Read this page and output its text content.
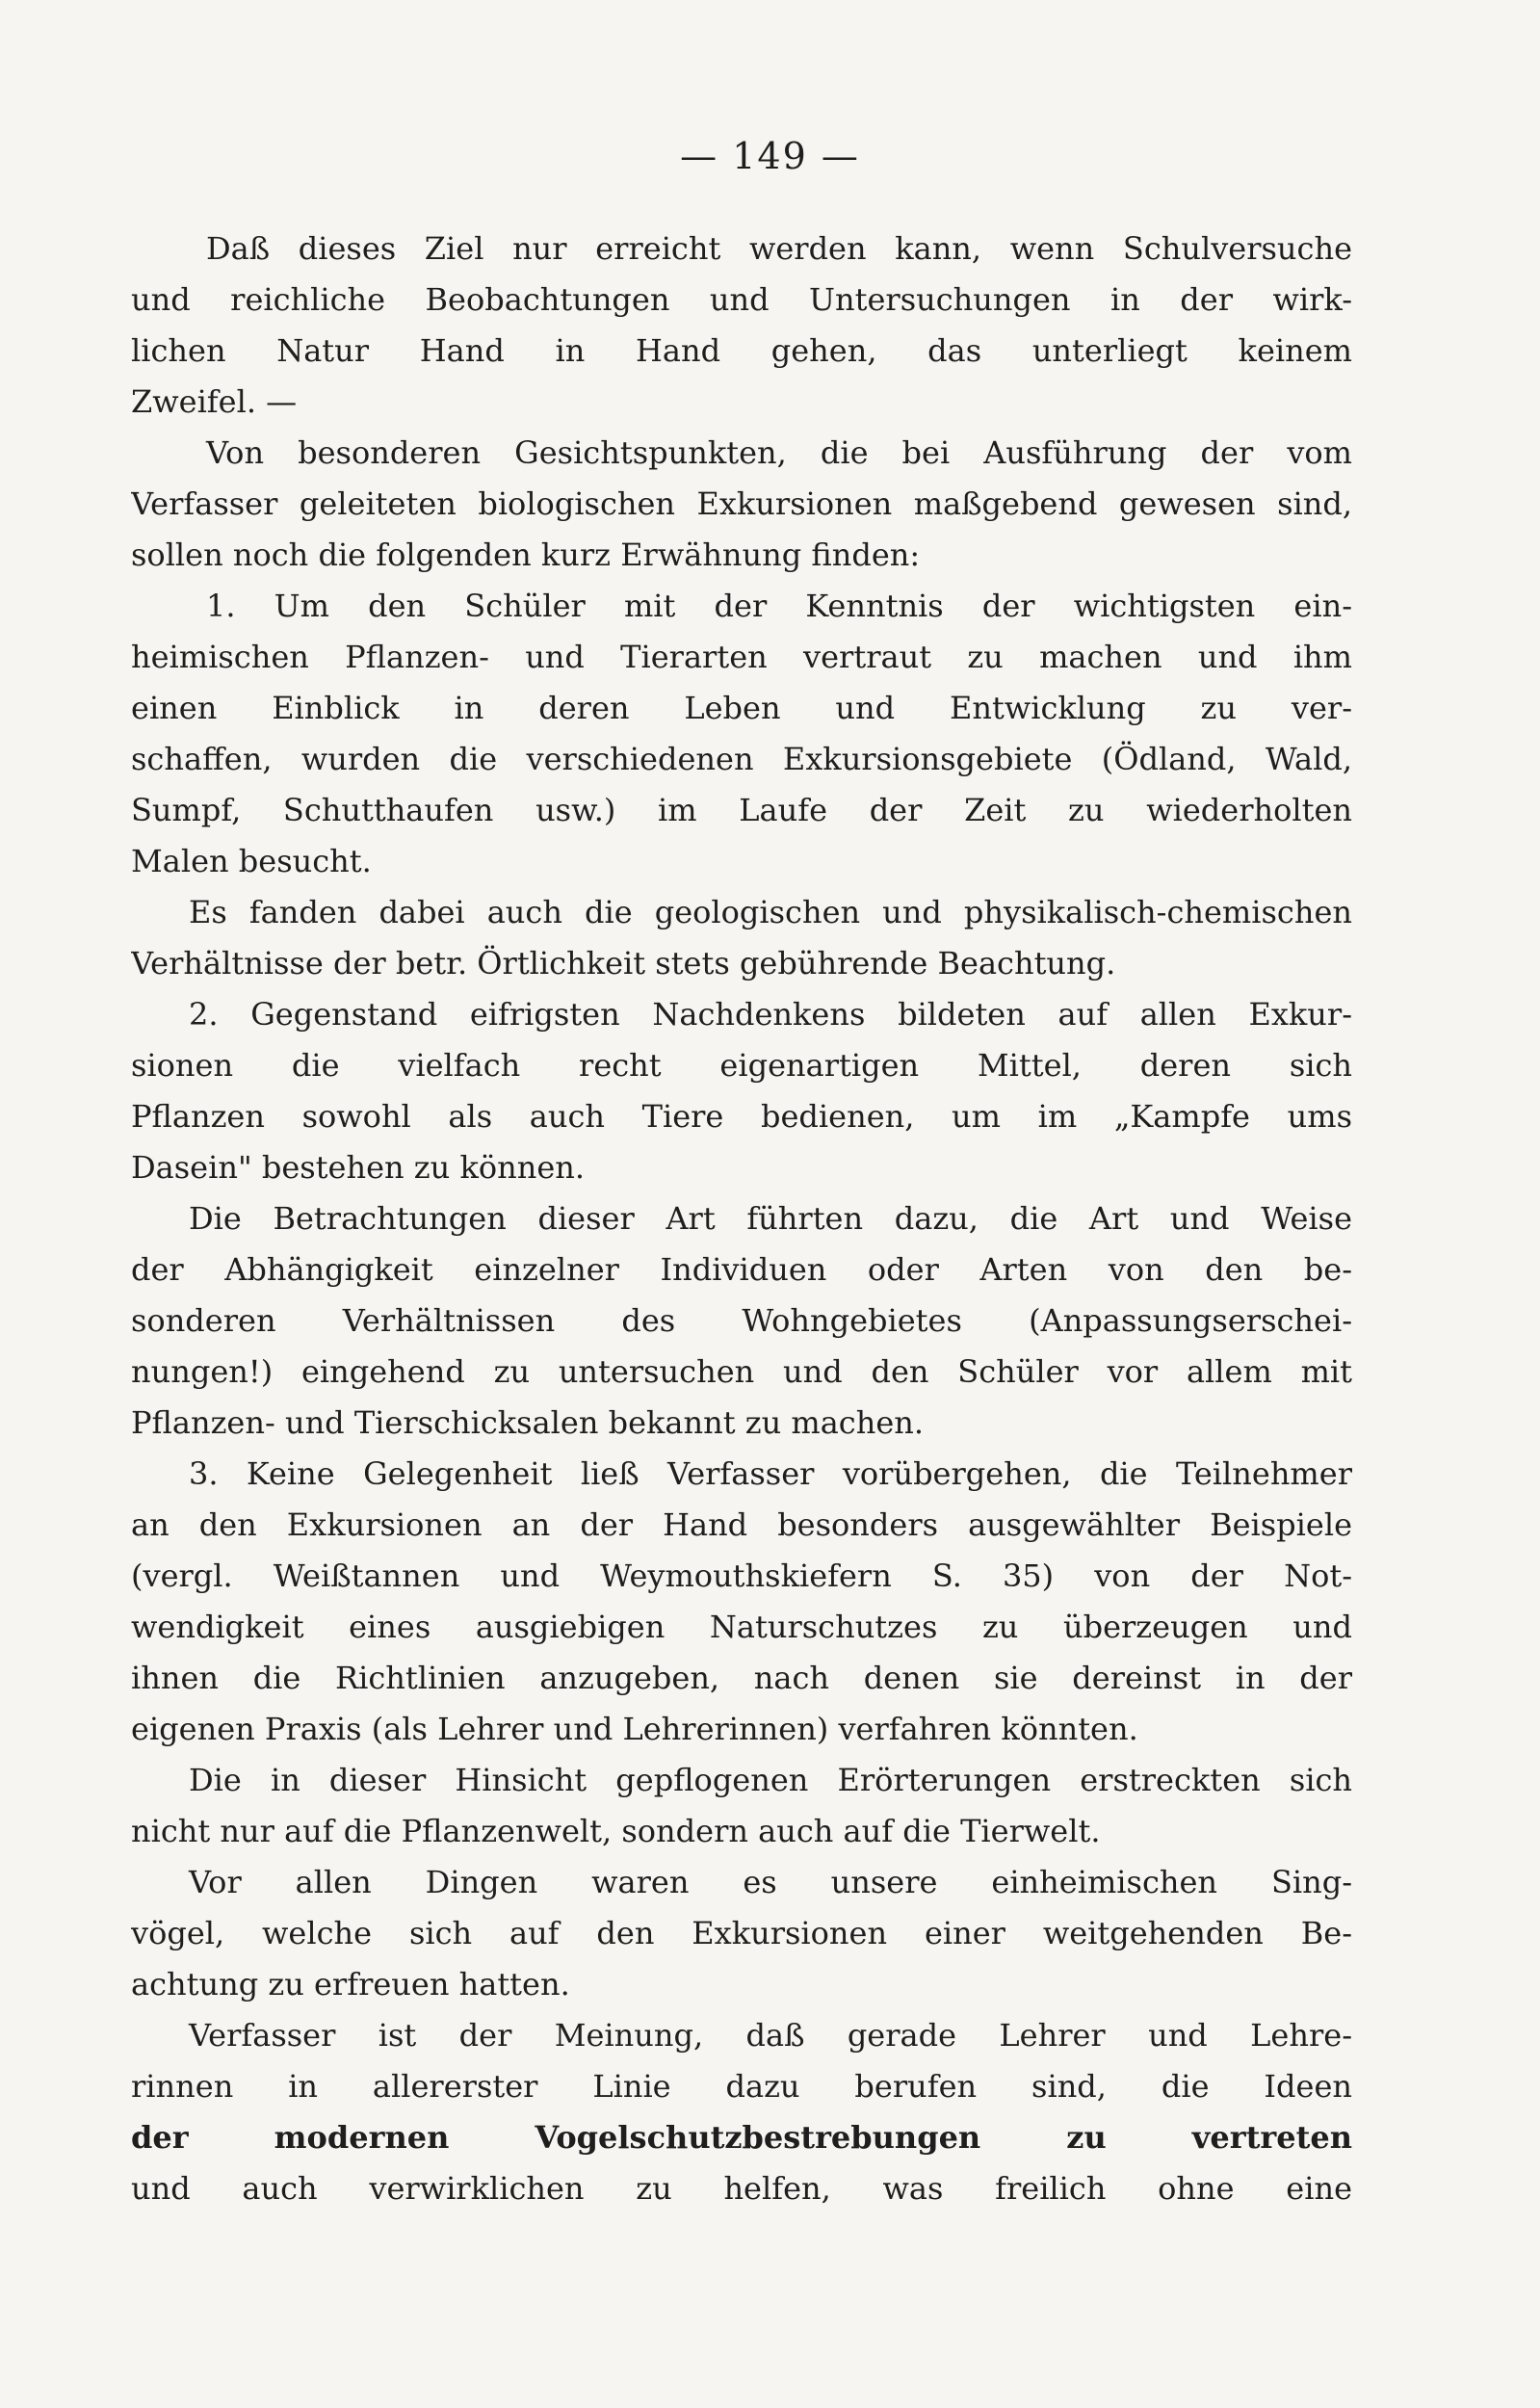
— 149 —
Daß dieses Ziel nur erreicht werden kann, wenn Schulversuche
und reichliche Beobachtungen und Untersuchungen in der wirk-
lichen Natur Hand in Hand gehen, das unterliegt keinem
Zweifel. —
Von besonderen Gesichtspunkten, die bei Ausführung der vom
Verfasser geleiteten biologischen Exkursionen maßgebend gewesen sind,
sollen noch die folgenden kurz Erwähnung finden:
1. Um den Schüler mit der Kenntnis der wichtigsten ein-
heimischen Pflanzen- und Tierarten vertraut zu machen und ihm
einen Einblick in deren Leben und Entwicklung zu ver-
schaffen, wurden die verschiedenen Exkursionsgebiete (Ödland, Wald,
Sumpf, Schutthaufen usw.) im Laufe der Zeit zu wiederholten
Malen besucht.
Es fanden dabei auch die geologischen und physikalisch-chemischen
Verhältnisse der betr. Örtlichkeit stets gebührende Beachtung.
2. Gegenstand eifrigsten Nachdenkens bildeten auf allen Exkur-
sionen die vielfach recht eigenartigen Mittel, deren sich
Pflanzen sowohl als auch Tiere bedienen, um im „Kampfe ums
Dasein" bestehen zu können.
Die Betrachtungen dieser Art führten dazu, die Art und Weise
der Abhängigkeit einzelner Individuen oder Arten von den be-
sonderen Verhältnissen des Wohngebietes (Anpassungserschei-
nungen!) eingehend zu untersuchen und den Schüler vor allem mit
Pflanzen- und Tierschicksalen bekannt zu machen.
3. Keine Gelegenheit ließ Verfasser vorübergehen, die Teilnehmer
an den Exkursionen an der Hand besonders ausgewählter Beispiele
(vergl. Weißtannen und Weymouthskiefern S. 35) von der Not-
wendigkeit eines ausgiebigen Naturschutzes zu überzeugen und
ihnen die Richtlinien anzugeben, nach denen sie dereinst in der
eigenen Praxis (als Lehrer und Lehrerinnen) verfahren könnten.
Die in dieser Hinsicht gepflogenen Erörterungen erstreckten sich
nicht nur auf die Pflanzenwelt, sondern auch auf die Tierwelt.
Vor allen Dingen waren es unsere einheimischen Sing-
vögel, welche sich auf den Exkursionen einer weitgehenden Be-
achtung zu erfreuen hatten.
Verfasser ist der Meinung, daß gerade Lehrer und Lehre-
rinnen in allererster Linie dazu berufen sind, die Ideen
der modernen Vogelschutzbestrebungen zu vertreten
und auch verwirklichen zu helfen, was freilich ohne eine
